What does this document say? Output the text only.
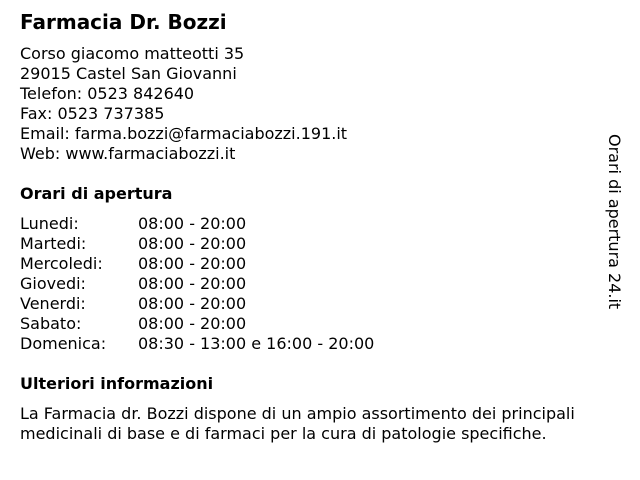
Farmacia Dr. Bozzi
Corso giacomo matteotti 35
29015 Castel San Giovanni
Telefon: 0523 842640
Fax: 0523 737385
Email: farma.bozzi@farmaciabozzi.191.it
Web: www.farmaciabozzi.it
Orari di apertura
Lunedi:	08:00 - 20:00
Martedi:	08:00 - 20:00
Mercoledi: 08:00 - 20:00
Giovedi:	08:00 - 20:00
Venerdi:	08:00 - 20:00
Sabato:	08:00 - 20:00
Domenica: 08:30 - 13:00 e 16:00 - 20:00
Ulteriori informazioni
La Farmacia dr. Bozzi dispone di un ampio assortimento dei principali medicinali di base e di farmaci per la cura di patologie specifiche.
Orari di apertura 24.it
